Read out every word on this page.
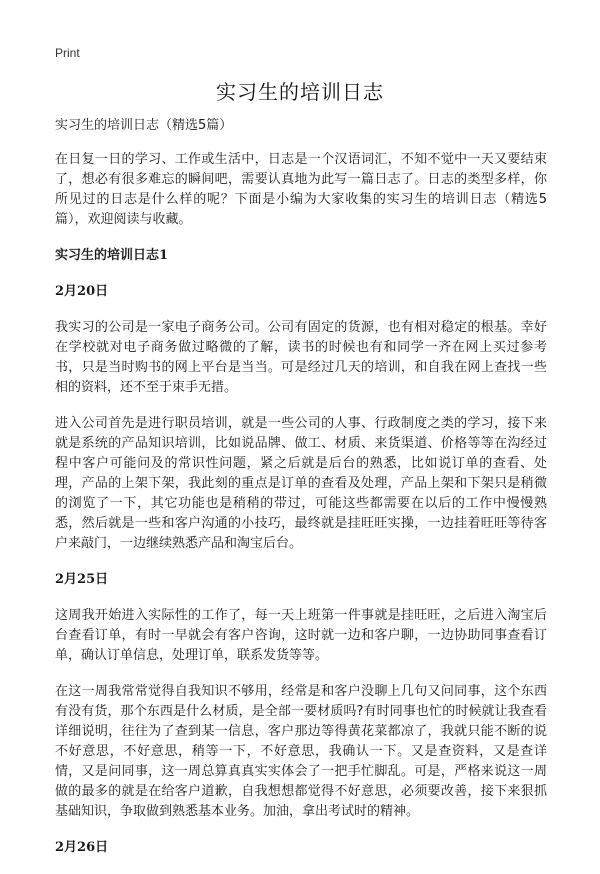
Print
实习生的培训日志

实习生的培训日志（精选5篇）

在日复一日的学习、工作或生活中，日志是一个汉语词汇，不知不觉中一天又要结束了，想必有很多难忘的瞬间吧，需要认真地为此写一篇日志了。日志的类型多样，你所见过的日志是什么样的呢？下面是小编为大家收集的实习生的培训日志（精选5篇），欢迎阅读与收藏。

实习生的培训日志1

2月20日

我实习的公司是一家电子商务公司。公司有固定的货源，也有相对稳定的根基。幸好在学校就对电子商务做过略微的了解，读书的时候也有和同学一齐在网上买过参考书，只是当时购书的网上平台是当当。可是经过几天的培训，和自我在网上查找一些相的资料，还不至于束手无措。

进入公司首先是进行职员培训，就是一些公司的人事、行政制度之类的学习，接下来就是系统的产品知识培训，比如说品牌、做工、材质、来货渠道、价格等等在沟经过程中客户可能问及的常识性问题，紧之后就是后台的熟悉，比如说订单的查看、处理，产品的上架下架，我此刻的重点是订单的查看及处理，产品上架和下架只是稍微的浏览了一下，其它功能也是稍稍的带过，可能这些都需要在以后的工作中慢慢熟悉，然后就是一些和客户沟通的小技巧，最终就是挂旺旺实操，一边挂着旺旺等待客户来敲门，一边继续熟悉产品和淘宝后台。

2月25日

这周我开始进入实际性的工作了，每一天上班第一件事就是挂旺旺，之后进入淘宝后台查看订单，有时一早就会有客户咨询，这时就一边和客户聊，一边协助同事查看订单，确认订单信息，处理订单，联系发货等等。

在这一周我常常觉得自我知识不够用，经常是和客户没聊上几句又问同事，这个东西有没有货，那个东西是什么材质，是全部一要材质吗?有时同事也忙的时候就让我查看详细说明，往往为了查到某一信息，客户那边等得黄花菜都凉了，我就只能不断的说不好意思，不好意思，稍等一下，不好意思，我确认一下。又是查资料，又是查详情，又是问同事，这一周总算真真实实体会了一把手忙脚乱。可是，严格来说这一周做的最多的就是在给客户道歉，自我想想都觉得不好意思，必须要改善，接下来狠抓基础知识，争取做到熟悉基本业务。加油，拿出考试时的精神。

2月26日
